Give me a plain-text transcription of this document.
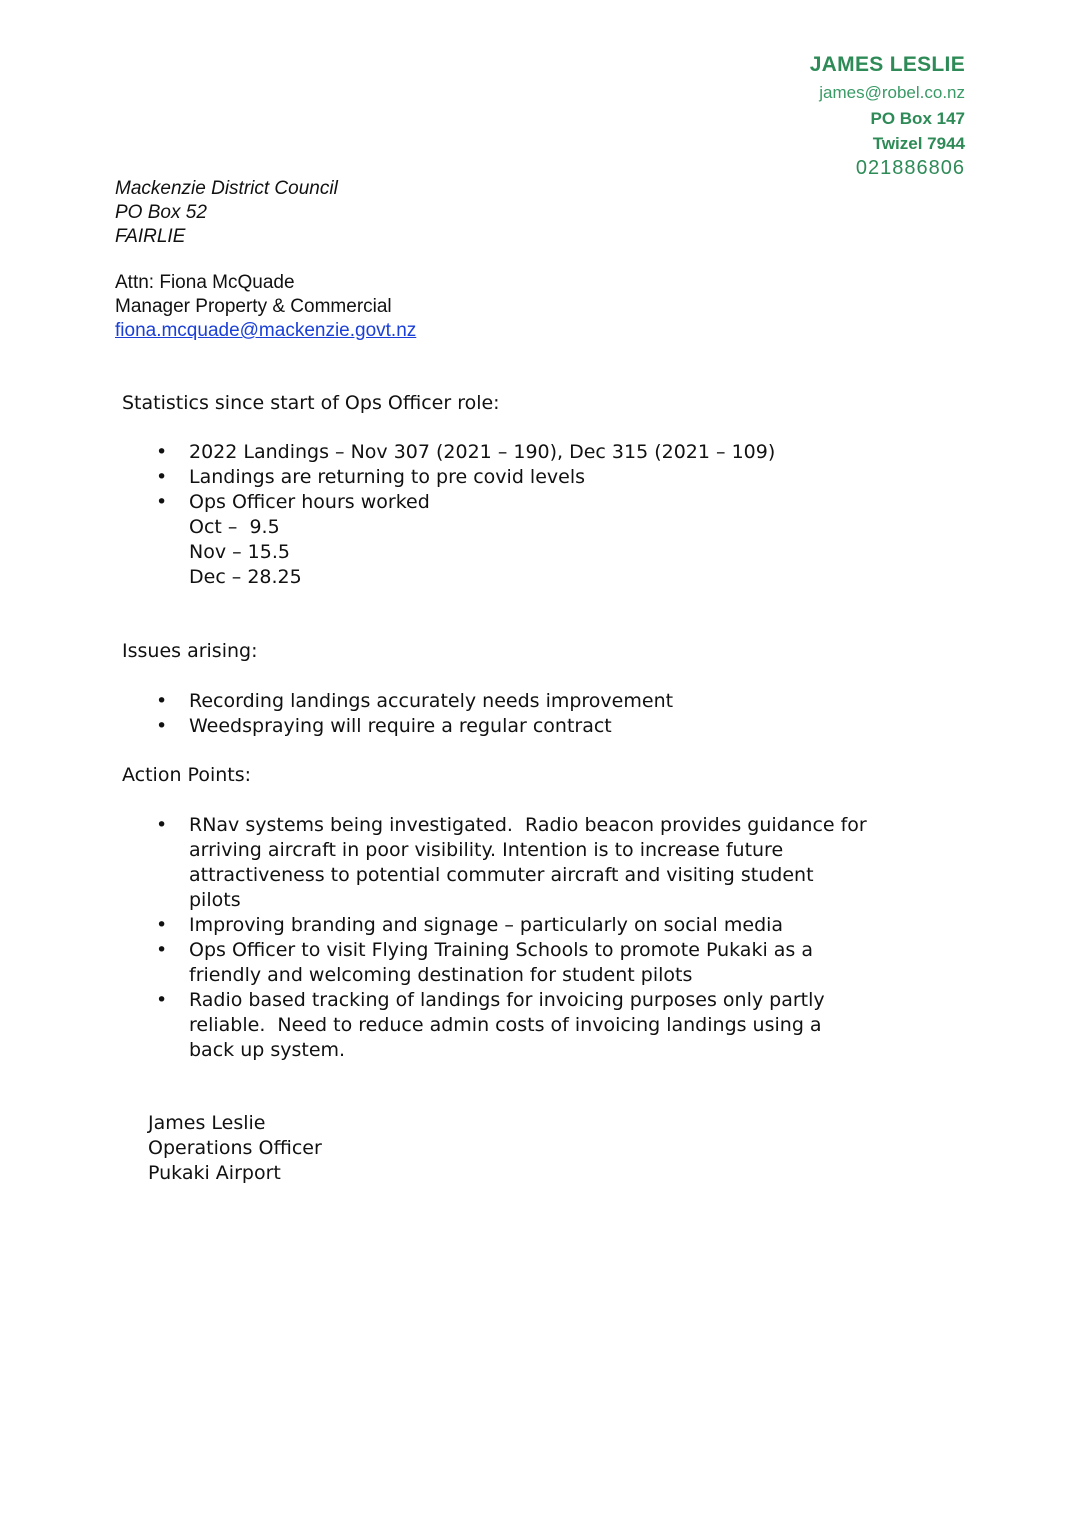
JAMES LESLIE
james@robel.co.nz
PO Box 147
Twizel 7944
021886806
Mackenzie District Council
PO Box 52
FAIRLIE
Attn: Fiona McQuade
Manager Property & Commercial
fiona.mcquade@mackenzie.govt.nz
Statistics since start of Ops Officer role:
• 2022 Landings – Nov 307 (2021 – 190), Dec 315 (2021 – 109)
• Landings are returning to pre covid levels
• Ops Officer hours worked
Oct –  9.5
Nov – 15.5
Dec – 28.25
Issues arising:
• Recording landings accurately needs improvement
• Weedspraying will require a regular contract
Action Points:
• RNav systems being investigated.  Radio beacon provides guidance for
arriving aircraft in poor visibility. Intention is to increase future
attractiveness to potential commuter aircraft and visiting student
pilots
• Improving branding and signage – particularly on social media
• Ops Officer to visit Flying Training Schools to promote Pukaki as a
friendly and welcoming destination for student pilots
• Radio based tracking of landings for invoicing purposes only partly
reliable.  Need to reduce admin costs of invoicing landings using a
back up system.
James Leslie
Operations Officer
Pukaki Airport
